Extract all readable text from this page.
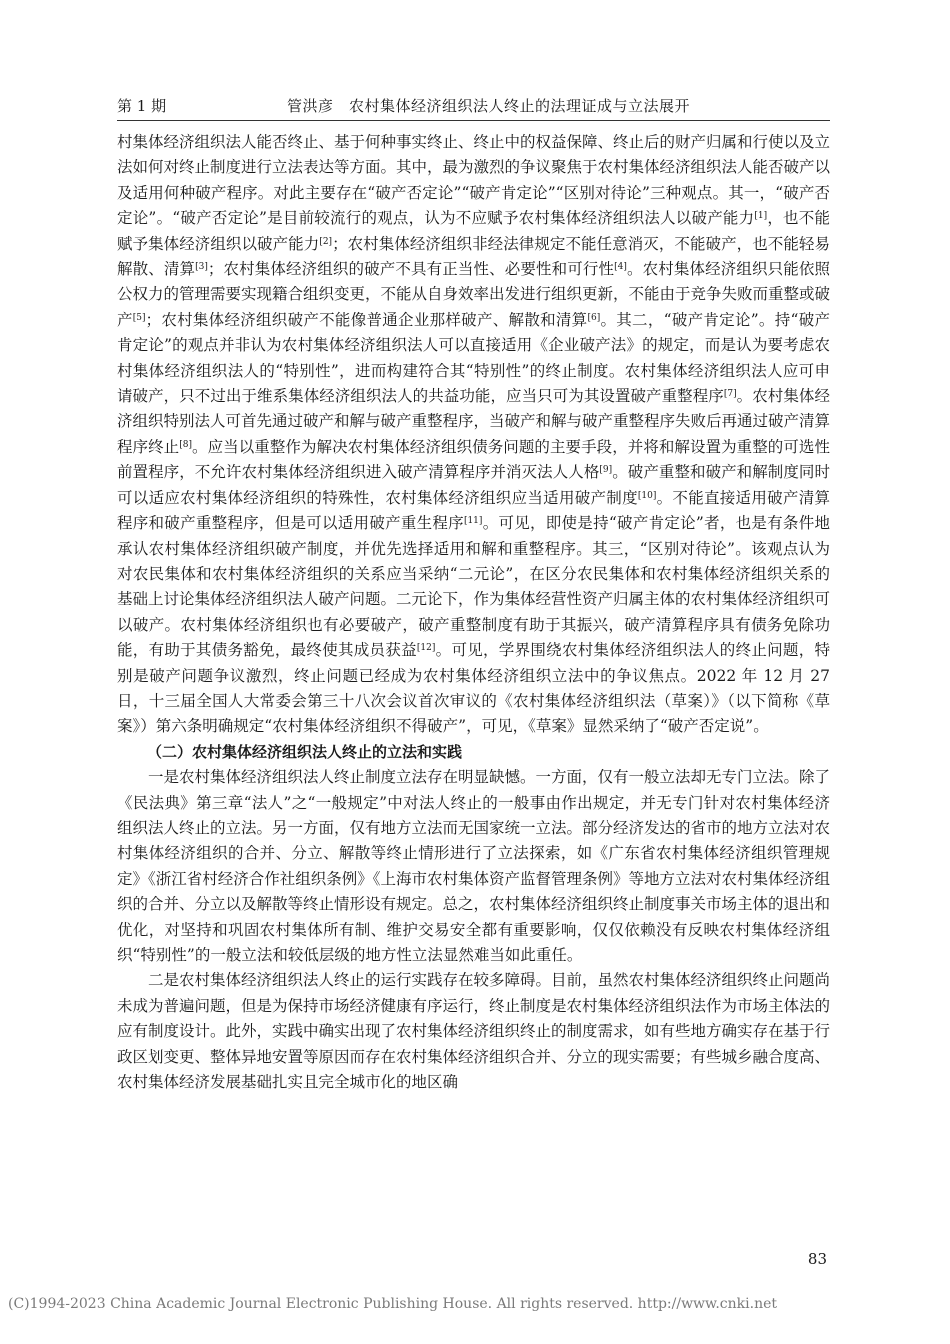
第 1 期	管洪彦　农村集体经济组织法人终止的法理证成与立法展开

村集体经济组织法人能否终止、基于何种事实终止、终止中的权益保障、终止后的财产归属和行使以及立法如何对终止制度进行立法表达等方面。其中，最为激烈的争议聚焦于农村集体经济组织法人能否破产以及适用何种破产程序。对此主要存在“破产否定论”“破产肯定论”“区别对待论”三种观点。其一，“破产否定论”。“破产否定论”是目前较流行的观点，认为不应赋予农村集体经济组织法人以破产能力[1]，也不能赋予集体经济组织以破产能力[2]；农村集体经济组织非经法律规定不能任意消灭，不能破产，也不能轻易解散、清算[3]；农村集体经济组织的破产不具有正当性、必要性和可行性[4]。农村集体经济组织只能依照公权力的管理需要实现籍合组织变更，不能从自身效率出发进行组织更新，不能由于竞争失败而重整或破产[5]；农村集体经济组织破产不能像普通企业那样破产、解散和清算[6]。其二，“破产肯定论”。持“破产肯定论”的观点并非认为农村集体经济组织法人可以直接适用《企业破产法》的规定，而是认为要考虑农村集体经济组织法人的“特别性”，进而构建符合其“特别性”的终止制度。农村集体经济组织法人应可申请破产，只不过出于维系集体经济组织法人的共益功能，应当只可为其设置破产重整程序[7]。农村集体经济组织特别法人可首先通过破产和解与破产重整程序，当破产和解与破产重整程序失败后再通过破产清算程序终止[8]。应当以重整作为解决农村集体经济组织债务问题的主要手段，并将和解设置为重整的可选性前置程序，不允许农村集体经济组织进入破产清算程序并消灭法人人格[9]。破产重整和破产和解制度同时可以适应农村集体经济组织的特殊性，农村集体经济组织应当适用破产制度[10]。不能直接适用破产清算程序和破产重整程序，但是可以适用破产重生程序[11]。可见，即使是持“破产肯定论”者，也是有条件地承认农村集体经济组织破产制度，并优先选择适用和解和重整程序。其三，“区别对待论”。该观点认为对农民集体和农村集体经济组织的关系应当采纳“二元论”，在区分农民集体和农村集体经济组织关系的基础上讨论集体经济组织法人破产问题。二元论下，作为集体经营性资产归属主体的农村集体经济组织可以破产。农村集体经济组织也有必要破产，破产重整制度有助于其振兴，破产清算程序具有债务免除功能，有助于其债务豁免，最终使其成员获益[12]。可见，学界围绕农村集体经济组织法人的终止问题，特别是破产问题争议激烈，终止问题已经成为农村集体经济组织立法中的争议焦点。2022 年 12 月 27 日，十三届全国人大常委会第三十八次会议首次审议的《农村集体经济组织法（草案）》（以下简称《草案》）第六条明确规定“农村集体经济组织不得破产”，可见，《草案》显然采纳了“破产否定说”。

（二）农村集体经济组织法人终止的立法和实践

一是农村集体经济组织法人终止制度立法存在明显缺憾。一方面，仅有一般立法却无专门立法。除了《民法典》第三章“法人”之“一般规定”中对法人终止的一般事由作出规定，并无专门针对农村集体经济组织法人终止的立法。另一方面，仅有地方立法而无国家统一立法。部分经济发达的省市的地方立法对农村集体经济组织的合并、分立、解散等终止情形进行了立法探索，如《广东省农村集体经济组织管理规定》《浙江省村经济合作社组织条例》《上海市农村集体资产监督管理条例》等地方立法对农村集体经济组织的合并、分立以及解散等终止情形设有规定。总之，农村集体经济组织终止制度事关市场主体的退出和优化，对坚持和巩固农村集体所有制、维护交易安全都有重要影响，仅仅依赖没有反映农村集体经济组织“特别性”的一般立法和较低层级的地方性立法显然难当如此重任。

二是农村集体经济组织法人终止的运行实践存在较多障碍。目前，虽然农村集体经济组织终止问题尚未成为普遍问题，但是为保持市场经济健康有序运行，终止制度是农村集体经济组织法作为市场主体法的应有制度设计。此外，实践中确实出现了农村集体经济组织终止的制度需求，如有些地方确实存在基于行政区划变更、整体异地安置等原因而存在农村集体经济组织合并、分立的现实需要；有些城乡融合度高、农村集体经济发展基础扎实且完全城市化的地区确

83
(C)1994-2023 China Academic Journal Electronic Publishing House. All rights reserved. http://www.cnki.net
